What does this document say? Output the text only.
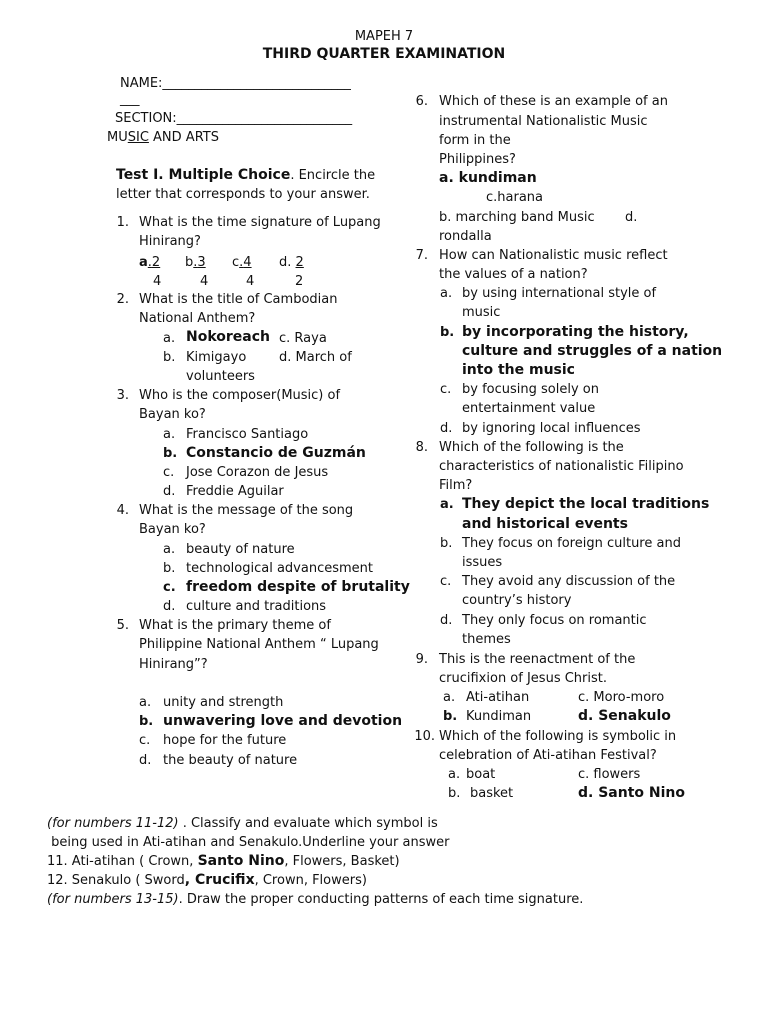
MAPEH 7
THIRD QUARTER EXAMINATION
NAME:_____________________________
___
SECTION:___________________________
MUSIC AND ARTS
Test I. Multiple Choice. Encircle the
letter that corresponds to your answer.
1. What is the time signature of Lupang
Hinirang?
a.2 b.3 c.4 d. 2
4	4	4	2
2. What is the title of Cambodian
National Anthem?
a. Nokoreach c. Raya
b. Kimigayo	d. March of
volunteers
3. Who is the composer(Music) of
Bayan ko?
a. Francisco Santiago
b. Constancio de Guzmán
c. Jose Corazon de Jesus
d. Freddie Aguilar
4. What is the message of the song
Bayan ko?
a. beauty of nature
b. technological advancesment
c. freedom despite of brutality
d. culture and traditions
5. What is the primary theme of
Philippine National Anthem “ Lupang
Hinirang”?
a. unity and strength
b. unwavering love and devotion
c. hope for the future
d. the beauty of nature
6. Which of these is an example of an
instrumental Nationalistic Music
form in the
Philippines?
a. kundiman
c.harana
b. marching band Music d.
rondalla
7. How can Nationalistic music reflect
the values of a nation?
a. by using international style of
music
b. by incorporating the history,
culture and struggles of a nation
into the music
c. by focusing solely on
entertainment value
d. by ignoring local influences
8. Which of the following is the
characteristics of nationalistic Filipino
Film?
a. They depict the local traditions
and historical events
b. They focus on foreign culture and
issues
c. They avoid any discussion of the
country’s history
d. They only focus on romantic
themes
9. This is the reenactment of the
crucifixion of Jesus Christ.
a. Ati-atihan	c. Moro-moro
b. Kundiman	d. Senakulo
10. Which of the following is symbolic in
celebration of Ati-atihan Festival?
a. boat	c. flowers
b. basket	d. Santo Nino
(for numbers 11-12) . Classify and evaluate which symbol is
being used in Ati-atihan and Senakulo.Underline your answer
11. Ati-atihan ( Crown, Santo Nino, Flowers, Basket)
12. Senakulo ( Sword, Crucifix, Crown, Flowers)
(for numbers 13-15). Draw the proper conducting patterns of each time signature.
